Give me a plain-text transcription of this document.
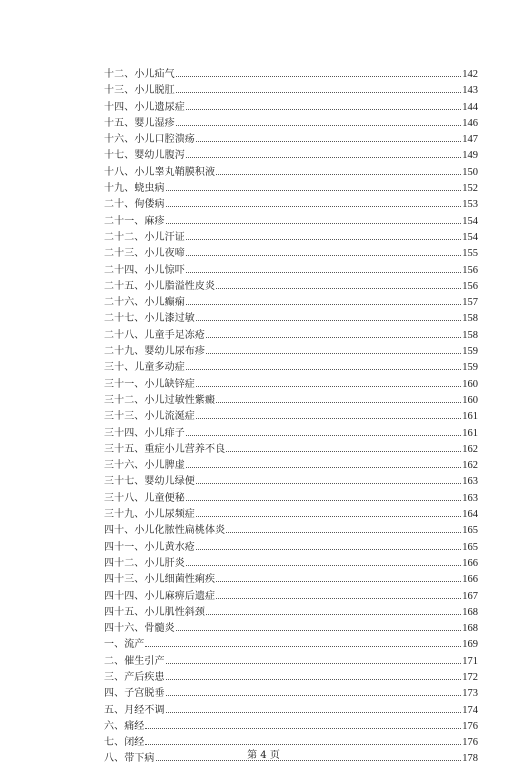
十二、 小儿疝气	142
十三、 小儿脱肛	143
十四、 小儿遗尿症	144
十五、 婴儿湿疹	146
十六、 小儿口腔溃疡	147
十七、 婴幼儿腹泻	149
十八、 小儿睾丸鞘膜积液	150
十九、 蛲虫病	152
二十、 佝偻病	153
二十一、 麻疹	154
二十二、 小儿汗证	154
二十三、 小儿夜啼	155
二十四、 小儿惊吓	156
二十五、 小儿脂溢性皮炎	156
二十六、 小儿癫痫	157
二十七、 小儿漆过敏	158
二十八、 儿童手足冻疮	158
二十九、 婴幼儿尿布疹	159
三十、 儿童多动症	159
三十一、 小儿缺锌症	160
三十二、 小儿过敏性紫癜	160
三十三、 小儿流涎症	161
三十四、 小儿痱子	161
三十五、 重症小儿营养不良	162
三十六、 小儿脾虚	162
三十七、 婴幼儿绿便	163
三十八、 儿童便秘	163
三十九、 小儿尿频症	164
四十、 小儿化脓性扁桃体炎	165
四十一、 小儿黄水疮	165
四十二、 小儿肝炎	166
四十三、 小儿细菌性痢疾	166
四十四、 小儿麻痹后遗症	167
四十五、 小儿肌性斜颈	168
四十六、 骨髓炎	168
一、 流产	169
二、 催生引产	171
三、 产后疾患	172
四、 子宫脱垂	173
五、 月经不调	174
六、 痛经	176
七、 闭经	176
八、 带下病	178
第 4 页
